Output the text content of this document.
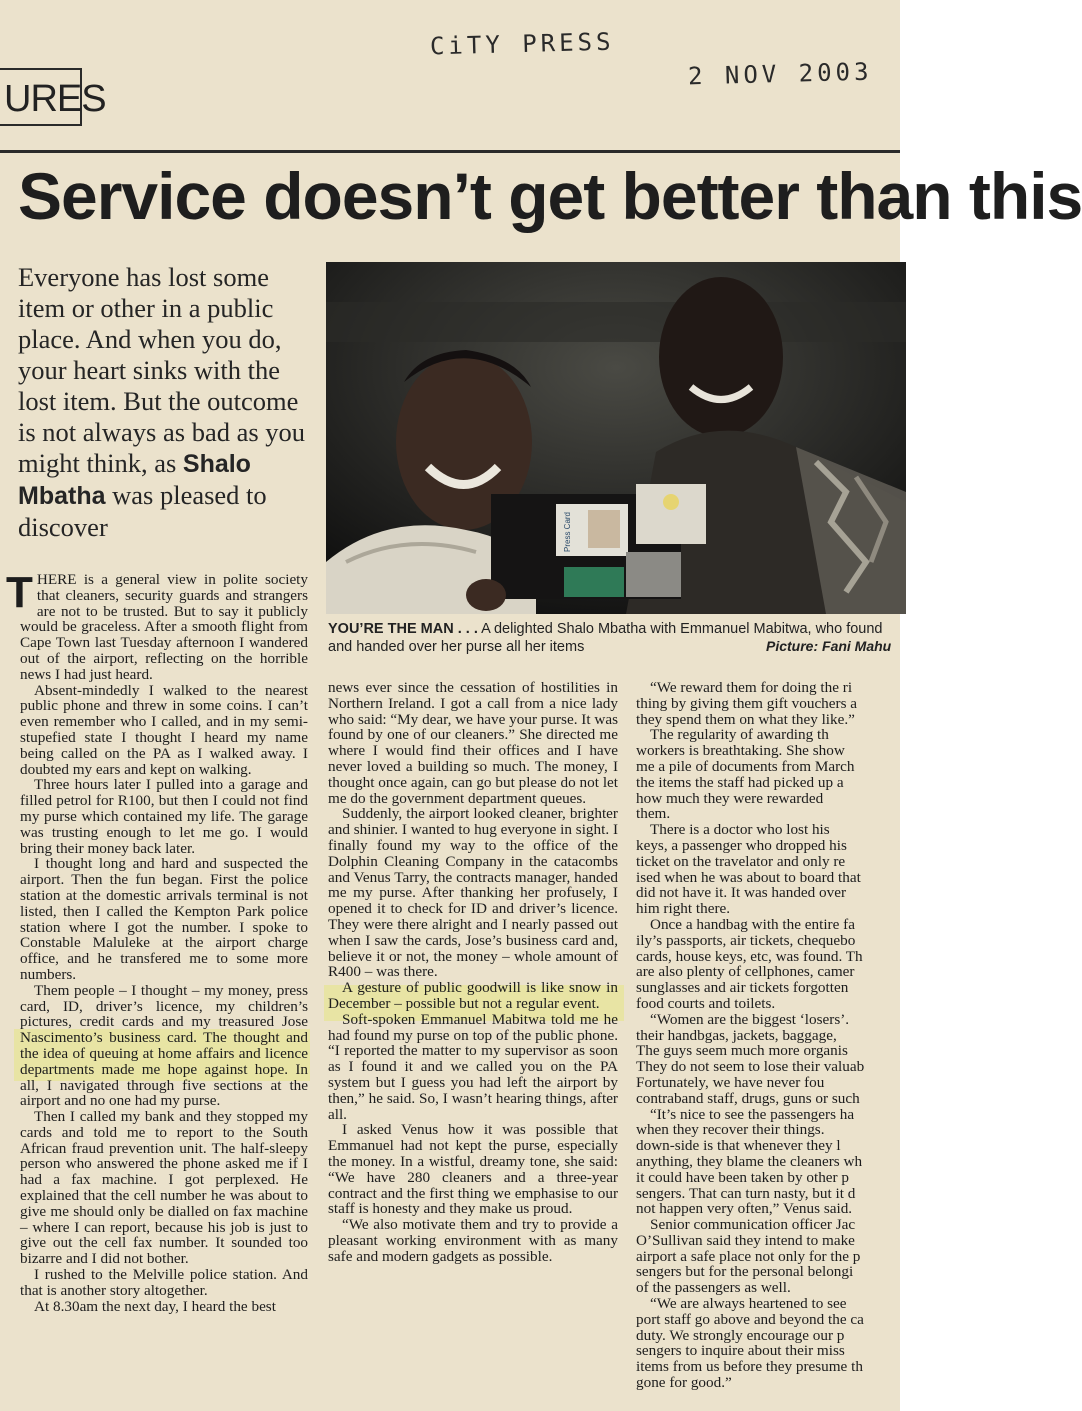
CiTY PRESS
2 NOV 2003
URES
Service doesn’t get better than this
Everyone has lost some item or other in a public place. And when you do, your heart sinks with the lost item. But the outcome is not always as bad as you might think, as Shalo Mbatha was pleased to discover	Press Card
YOU’RE THE MAN . . . A delighted Shalo Mbatha with Emmanuel Mabitwa, who found and handed over her purse all her items	Picture: Fani Mahu

THERE is a general view in polite society that cleaners, security guards and strangers are not to be trusted. But to say it publicly would be graceless. After a smooth flight from Cape Town last Tuesday afternoon I wandered out of the airport, reflecting on the horrible news I had just heard.

Absent-mindedly I walked to the nearest public phone and threw in some coins. I can’t even remember who I called, and in my semi-stupefied state I thought I heard my name being called on the PA as I walked away. I doubted my ears and kept on walking.

Three hours later I pulled into a garage and filled petrol for R100, but then I could not find my purse which contained my life. The garage was trusting enough to let me go. I would bring their money back later.

I thought long and hard and suspected the airport. Then the fun began. First the police station at the domestic arrivals terminal is not listed, then I called the Kempton Park police station where I got the number. I spoke to Constable Maluleke at the airport charge office, and he transfered me to some more numbers.

Them people – I thought – my money, press card, ID, driver’s licence, my children’s pictures, credit cards and my treasured Jose Nascimento’s business card. The thought and the idea of queuing at home affairs and licence departments made me hope against hope. In all, I navigated through five sections at the airport and no one had my purse.

Then I called my bank and they stopped my cards and told me to report to the South African fraud prevention unit. The half-sleepy person who answered the phone asked me if I had a fax machine. I got perplexed. He explained that the cell number he was about to give me should only be dialled on fax machine – where I can report, because his job is just to give out the cell fax number. It sounded too bizarre and I did not bother.

I rushed to the Melville police station. And that is another story altogether.

At 8.30am the next day, I heard the best

news ever since the cessation of hostilities in Northern Ireland. I got a call from a nice lady who said: “My dear, we have your purse. It was found by one of our cleaners.” She directed me where I would find their offices and I have never loved a building so much. The money, I thought once again, can go but please do not let me do the government department queues.

Suddenly, the airport looked cleaner, brighter and shinier. I wanted to hug everyone in sight. I finally found my way to the office of the Dolphin Cleaning Company in the catacombs and Venus Tarry, the contracts manager, handed me my purse. After thanking her profusely, I opened it to check for ID and driver’s licence. They were there alright and I nearly passed out when I saw the cards, Jose’s business card and, believe it or not, the money – whole amount of R400 – was there.

A gesture of public goodwill is like snow in December – possible but not a regular event.

Soft-spoken Emmanuel Mabitwa told me he had found my purse on top of the public phone. “I reported the matter to my supervisor as soon as I found it and we called you on the PA system but I guess you had left the airport by then,” he said. So, I wasn’t hearing things, after all.

I asked Venus how it was possible that Emmanuel had not kept the purse, especially the money. In a wistful, dreamy tone, she said: “We have 280 cleaners and a three-year contract and the first thing we emphasise to our staff is honesty and they make us proud.

“We also motivate them and try to provide a pleasant working environment with as many safe and modern gadgets as possible.

“We reward them for doing the ri

thing by giving them gift vouchers a

they spend them on what they like.”

The regularity of awarding th

workers is breathtaking. She show

me a pile of documents from March

the items the staff had picked up a

how much they were rewarded

them.

There is a doctor who lost his

keys, a passenger who dropped his

ticket on the travelator and only re

ised when he was about to board that

did not have it. It was handed over

him right there.

Once a handbag with the entire fa

ily’s passports, air tickets, chequebo

cards, house keys, etc, was found. Th

are also plenty of cellphones, camer

sunglasses and air tickets forgotten

food courts and toilets.

“Women are the biggest ‘losers’.

their handbgas, jackets, baggage,

The guys seem much more organis

They do not seem to lose their valuab

Fortunately, we have never fou

contraband staff, drugs, guns or such

“It’s nice to see the passengers ha

when they recover their things.

down-side is that whenever they l

anything, they blame the cleaners wh

it could have been taken by other p

sengers. That can turn nasty, but it d

not happen very often,” Venus said.

Senior communication officer Jac

O’Sullivan said they intend to make

airport a safe place not only for the p

sengers but for the personal belongi

of the passengers as well.

“We are always heartened to see

port staff go above and beyond the ca

duty. We strongly encourage our p

sengers to inquire about their miss

items from us before they presume th

gone for good.”
